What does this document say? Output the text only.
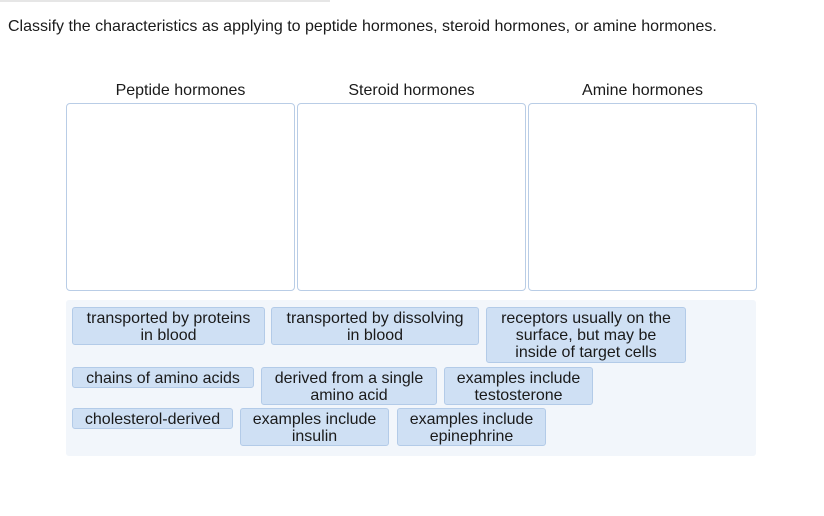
Classify the characteristics as applying to peptide hormones, steroid hormones, or amine hormones.
Peptide hormones	Steroid hormones	Amine hormones
transported by proteins
in blood
transported by dissolving
in blood
receptors usually on the
surface, but may be
inside of target cells
chains of amino acids	derived from a single
amino acid
examples include
testosterone
cholesterol-derived	examples include
insulin
examples include
epinephrine
